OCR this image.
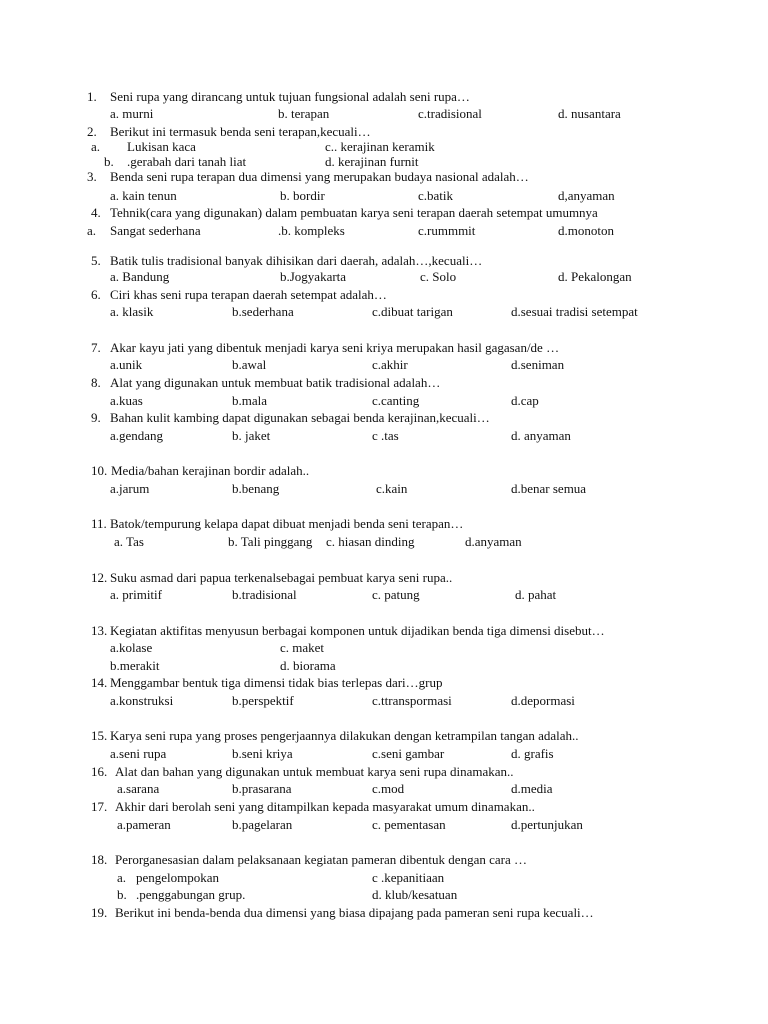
1. Seni rupa yang dirancang untuk tujuan fungsional adalah seni rupa…
a. murni	b. terapan	c.tradisional	d. nusantara
2. Berikut ini termasuk benda seni terapan,kecuali…
a. Lukisan kaca	c.. kerajinan keramik
b. .gerabah dari tanah liat	d. kerajinan furnit
3. Benda seni rupa terapan dua dimensi yang merupakan budaya nasional adalah…
a. kain tenun	b. bordir	c.batik	d,anyaman
4. Tehnik(cara yang digunakan) dalam pembuatan karya seni terapan daerah setempat umumnya
a. Sangat sederhana	.b. kompleks	c.rummmit	d.monoton
5. Batik tulis tradisional banyak dihisikan dari daerah, adalah…,kecuali…
a. Bandung	b.Jogyakarta	c. Solo	d. Pekalongan
6. Ciri khas seni rupa terapan daerah setempat adalah…
a. klasik	b.sederhana	c.dibuat tarigan	d.sesuai tradisi setempat
7. Akar kayu jati yang dibentuk menjadi karya seni kriya merupakan hasil gagasan/de …
a.unik	b.awal	c.akhir	d.seniman
8. Alat yang digunakan untuk membuat batik tradisional adalah…
a.kuas	b.mala	c.canting	d.cap
9. Bahan kulit kambing dapat digunakan sebagai benda kerajinan,kecuali…
a.gendang	b. jaket	c .tas	d. anyaman
10. Media/bahan kerajinan bordir adalah..
a.jarum	b.benang	c.kain	d.benar semua
11. Batok/tempurung kelapa dapat dibuat menjadi benda seni terapan…
a. Tas	b. Tali pinggang c. hiasan dinding	d.anyaman
12. Suku asmad dari papua terkenalsebagai pembuat karya seni rupa..
a. primitif	b.tradisional	c. patung	d. pahat
13. Kegiatan aktifitas menyusun berbagai komponen untuk dijadikan benda tiga dimensi disebut…
a.kolase	c. maket
b.merakit	d. biorama
14. Menggambar bentuk tiga dimensi tidak bias terlepas dari…grup
a.konstruksi	b.perspektif	c.ttranspormasi	d.depormasi
15. Karya seni rupa yang proses pengerjaannya dilakukan dengan ketrampilan tangan adalah..
a.seni rupa	b.seni kriya	c.seni gambar	d. grafis
16. Alat dan bahan yang digunakan untuk membuat karya seni rupa dinamakan..
a.sarana	b.prasarana	c.mod	d.media
17. Akhir dari berolah seni yang ditampilkan kepada masyarakat umum dinamakan..
a.pameran	b.pagelaran	c. pementasan	d.pertunjukan
18. Perorganesasian dalam pelaksanaan kegiatan pameran dibentuk dengan cara …
a. pengelompokan	c .kepanitiaan
b. .penggabungan grup.	d. klub/kesatuan
19. Berikut ini benda-benda dua dimensi yang biasa dipajang pada pameran seni rupa kecuali…
